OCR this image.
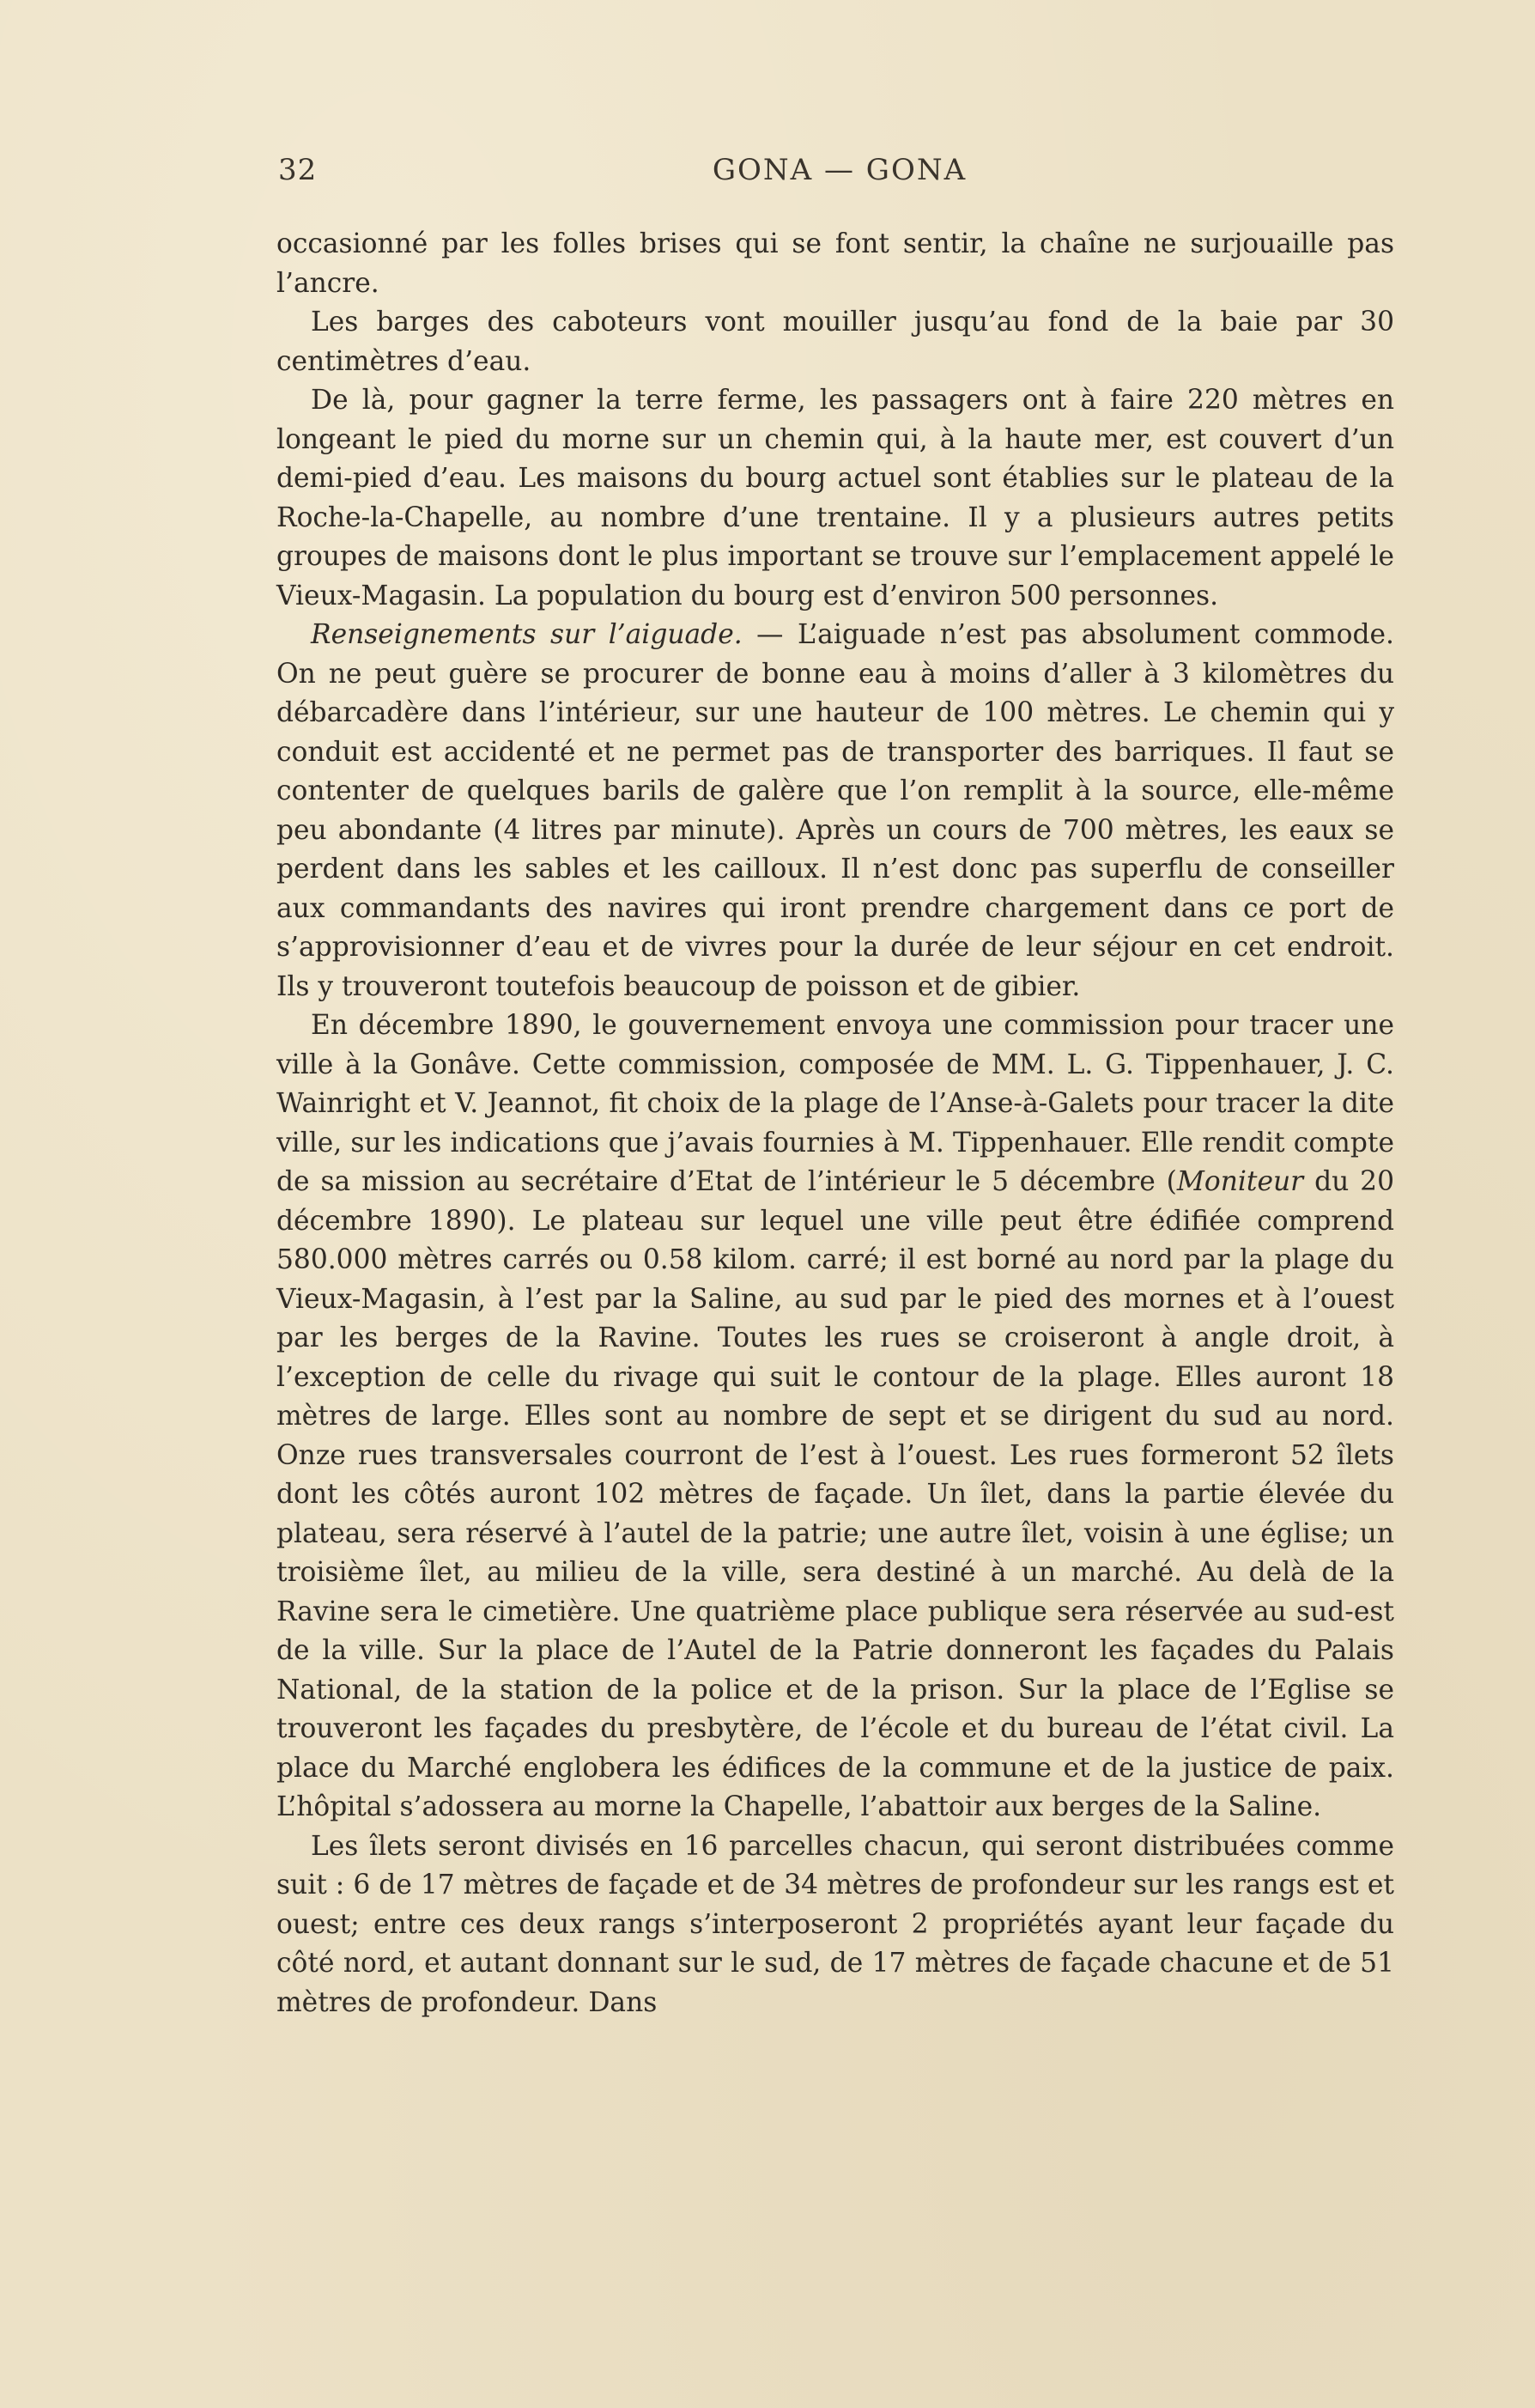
32	GONA — GONA

occasionné par les folles brises qui se font sentir, la chaîne ne surjouaille pas l’ancre.

Les barges des caboteurs vont mouiller jusqu’au fond de la baie par 30 centimètres d’eau.

De là, pour gagner la terre ferme, les passagers ont à faire 220 mètres en longeant le pied du morne sur un chemin qui, à la haute mer, est couvert d’un demi-pied d’eau. Les maisons du bourg actuel sont établies sur le plateau de la Roche-la-Chapelle, au nombre d’une trentaine. Il y a plusieurs autres petits groupes de maisons dont le plus important se trouve sur l’emplacement appelé le Vieux-Magasin. La population du bourg est d’environ 500 personnes.

Renseignements sur l’aiguade. — L’aiguade n’est pas absolument commode. On ne peut guère se procurer de bonne eau à moins d’aller à 3 kilomètres du débarcadère dans l’intérieur, sur une hauteur de 100 mètres. Le chemin qui y conduit est accidenté et ne permet pas de transporter des barriques. Il faut se contenter de quelques barils de galère que l’on remplit à la source, elle-même peu abondante (4 litres par minute). Après un cours de 700 mètres, les eaux se perdent dans les sables et les cailloux. Il n’est donc pas superflu de conseiller aux commandants des navires qui iront prendre chargement dans ce port de s’approvisionner d’eau et de vivres pour la durée de leur séjour en cet endroit. Ils y trouveront toutefois beaucoup de poisson et de gibier.

En décembre 1890, le gouvernement envoya une commission pour tracer une ville à la Gonâve. Cette commission, composée de MM. L. G. Tippenhauer, J. C. Wainright et V. Jeannot, fit choix de la plage de l’Anse-à-Galets pour tracer la dite ville, sur les indications que j’avais fournies à M. Tippenhauer. Elle rendit compte de sa mission au secrétaire d’Etat de l’intérieur le 5 décembre (Moniteur du 20 décembre 1890). Le plateau sur lequel une ville peut être édifiée comprend 580.000 mètres carrés ou 0.58 kilom. carré; il est borné au nord par la plage du Vieux-Magasin, à l’est par la Saline, au sud par le pied des mornes et à l’ouest par les berges de la Ravine. Toutes les rues se croiseront à angle droit, à l’exception de celle du rivage qui suit le contour de la plage. Elles auront 18 mètres de large. Elles sont au nombre de sept et se dirigent du sud au nord. Onze rues transversales courront de l’est à l’ouest. Les rues formeront 52 îlets dont les côtés auront 102 mètres de façade. Un îlet, dans la partie élevée du plateau, sera réservé à l’autel de la patrie; une autre îlet, voisin à une église; un troisième îlet, au milieu de la ville, sera destiné à un marché. Au delà de la Ravine sera le cimetière. Une quatrième place publique sera réservée au sud-est de la ville. Sur la place de l’Autel de la Patrie donneront les façades du Palais National, de la station de la police et de la prison. Sur la place de l’Eglise se trouveront les façades du presbytère, de l’école et du bureau de l’état civil. La place du Marché englobera les édifices de la commune et de la justice de paix. L’hôpital s’adossera au morne la Chapelle, l’abattoir aux berges de la Saline.

Les îlets seront divisés en 16 parcelles chacun, qui seront distribuées comme suit : 6 de 17 mètres de façade et de 34 mètres de profondeur sur les rangs est et ouest; entre ces deux rangs s’interposeront 2 propriétés ayant leur façade du côté nord, et autant donnant sur le sud, de 17 mètres de façade chacune et de 51 mètres de profondeur. Dans
